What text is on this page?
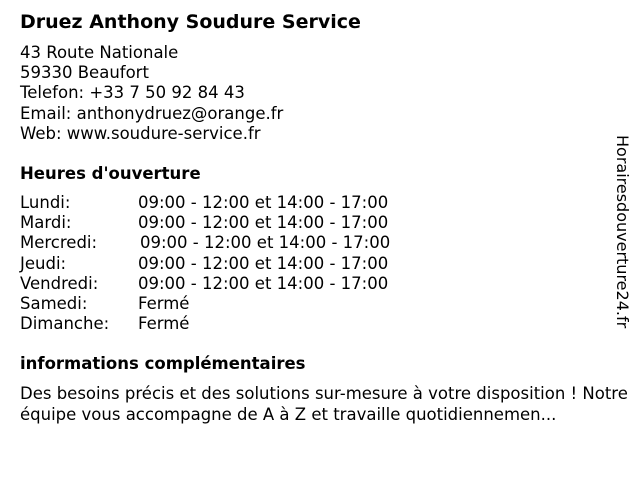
Druez Anthony Soudure Service
43 Route Nationale
59330 Beaufort
Telefon: +33 7 50 92 84 43
Email: anthonydruez@orange.fr
Web: www.soudure-service.fr
Heures d'ouverture
Lundi:	09:00 - 12:00 et 14:00 - 17:00
Mardi:	09:00 - 12:00 et 14:00 - 17:00
Mercredi:	09:00 - 12:00 et 14:00 - 17:00
Jeudi:	09:00 - 12:00 et 14:00 - 17:00
Vendredi: 09:00 - 12:00 et 14:00 - 17:00
Samedi:	Fermé
Dimanche: Fermé
informations complémentaires

Des besoins précis et des solutions sur-mesure à votre disposition ! Notre équipe vous accompagne de A à Z et travaille quotidiennemen...

Horairesdouverture24.fr
